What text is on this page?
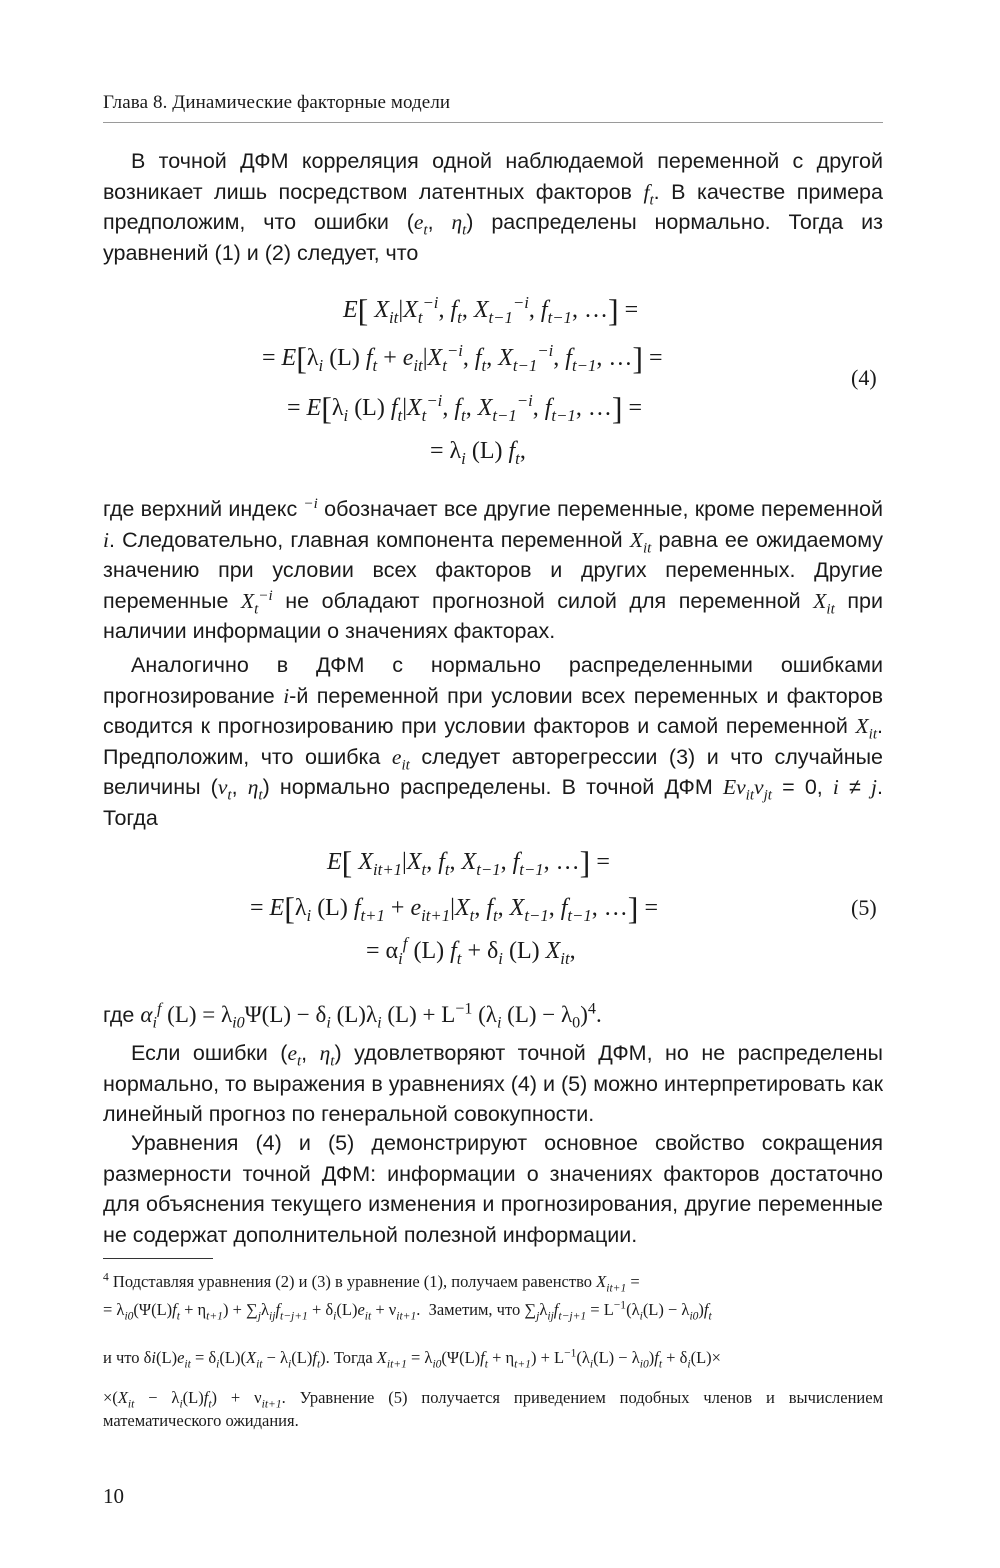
Глава 8. Динамические факторные модели
В точной ДФМ корреляция одной наблюдаемой переменной с другой возникает лишь посредством латентных факторов $f_t$. В качестве примера предположим, что ошибки ($e_t$, $\eta_t$) распределены нормально. Тогда из уравнений (1) и (2) следует, что
E[ $X_{it}|X_t^{-i}$, $f_t$, $X_{t-1}^{-i}$, $f_{t-1}$, …] =
= $E[\lambda_i$ (L) $f_t + e_{it}|X_t^{-i}$, $f_t$, $X_{t-1}^{-i}$, $f_{t-1}$, …] =
= $E[\lambda_i$ (L) $f_t|X_t^{-i}$, $f_t$, $X_{t-1}^{-i}$, $f_{t-1}$, …] =
= $\lambda_i$ (L) $f_t$,
(4)
где верхний индекс $^{-i}$ обозначает все другие переменные, кроме переменной i. Следовательно, главная компонента переменной $X_{it}$ равна ее ожидаемому значению при условии всех факторов и других переменных. Другие переменные $X_t^{-i}$ не обладают прогнозной силой для переменной $X_{it}$ при наличии информации о значениях факторах.
Аналогично в ДФМ с нормально распределенными ошибками прогнозирование i-й переменной при условии всех переменных и факторов сводится к прогнозированию при условии факторов и самой переменной $X_{it}$. Предположим, что ошибка $e_{it}$ следует авторегрессии (3) и что случайные величины ($v_t$, $\eta_t$) нормально распределены. В точной ДФМ $Ev_{it}v_{jt} = 0$, i ≠ j. Тогда
E[ $X_{it+1}|X_t$, $f_t$, $X_{t-1}$, $f_{t-1}$, …] =
= $E[\lambda_i$ (L) $f_{t+1} + e_{it+1}|X_t$, $f_t$, $X_{t-1}$, $f_{t-1}$, …] =
= $\alpha_i^f$ (L) $f_t + \delta_i$ (L) $X_{it}$,
(5)
где $\alpha_i^f$ $(L) = \lambda_{i0}\Psi(L) - \delta_i$ $(L)\lambda_i$ $(L) + L^{-1}$ ($\lambda_i$ $(L) - \lambda_0)^4$.
Если ошибки ($e_t$, $\eta_t$) удовлетворяют точной ДФМ, но не распределены нормально, то выражения в уравнениях (4) и (5) можно интерпретировать как линейный прогноз по генеральной совокупности.
Уравнения (4) и (5) демонстрируют основное свойство сокращения размерности точной ДФМ: информации о значениях факторов достаточно для объяснения текущего изменения и прогнозирования, другие переменные не содержат дополнительной полезной информации.
$^4$ Подставляя уравнения (2) и (3) в уравнение (1), получаем равенство $X_{it+1}$ =
= $\lambda_{i0}(\Psi(L)f_t + \eta_{t+1}) + \sum_j\lambda_{ij}f_{t-j+1} + \delta_i(L)e_{it} + \nu_{it+1}$.  Заметим, что $\sum_j\lambda_{ij}f_{t-j+1} = L^{-1}(\lambda_i(L) - \lambda_{i0})f_t$
и что $\delta i(L)e_{it} = \delta_i(L)(X_{it} - \lambda_i(L)f_t)$. Тогда $X_{it+1} = \lambda_{i0}(\Psi(L)f_t + \eta_{t+1}) + L^{-1}(\lambda_i(L) - \lambda_{i0})f_t + \delta_i(L)\times$
$\times(X_{it} - \lambda_i(L)f_t) + \nu_{it+1}$. Уравнение (5) получается приведением подобных членов и вычислением математического ожидания.
10
